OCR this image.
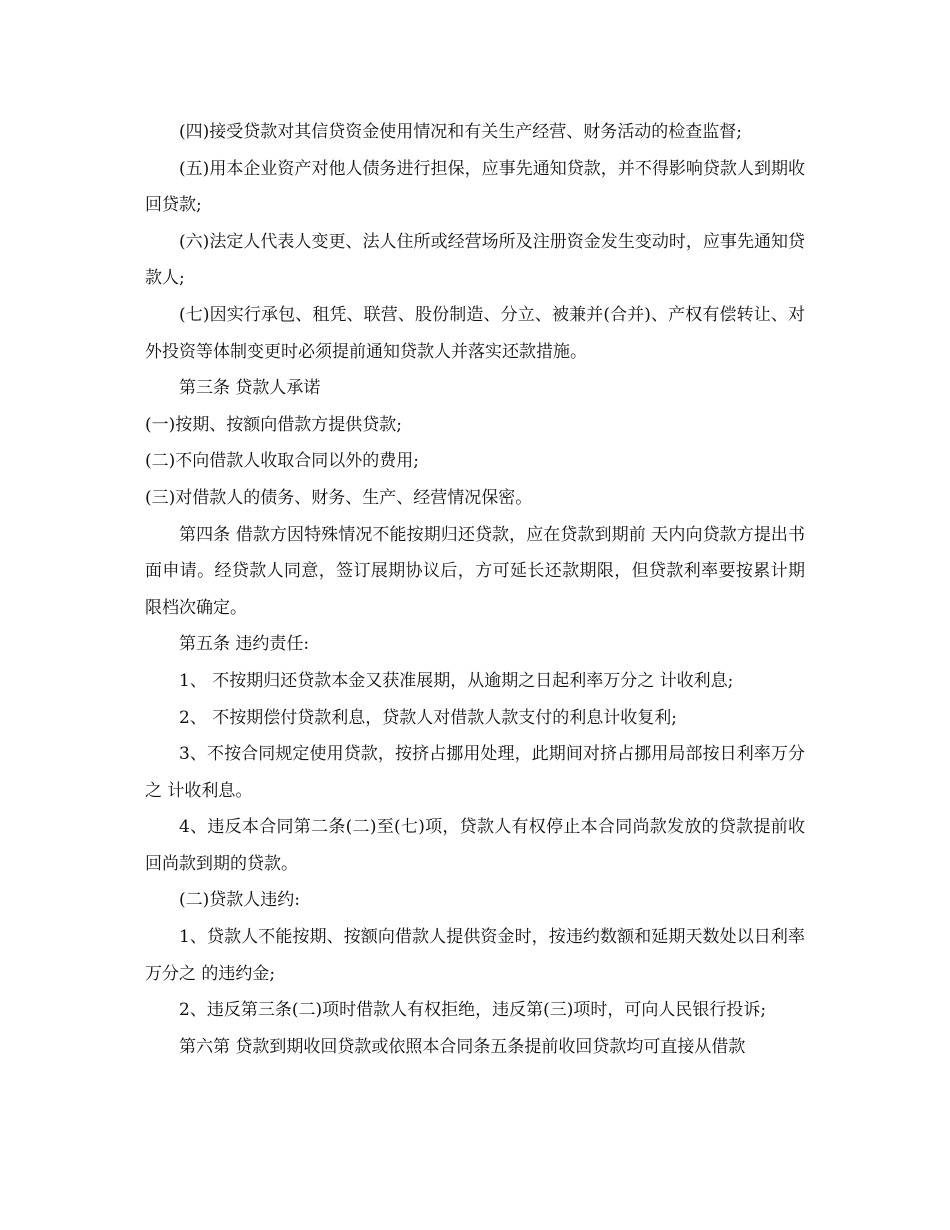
(四)接受贷款对其信贷资金使用情况和有关生产经营、财务活动的检查监督;

(五)用本企业资产对他人债务进行担保，应事先通知贷款，并不得影响贷款人到期收回贷款;

(六)法定人代表人变更、法人住所或经营场所及注册资金发生变动时，应事先通知贷款人;

(七)因实行承包、租凭、联营、股份制造、分立、被兼并(合并)、产权有偿转让、对外投资等体制变更时必须提前通知贷款人并落实还款措施。

第三条 贷款人承诺

(一)按期、按额向借款方提供贷款;

(二)不向借款人收取合同以外的费用;

(三)对借款人的债务、财务、生产、经营情况保密。

第四条 借款方因特殊情况不能按期归还贷款，应在贷款到期前 天内向贷款方提出书面申请。经贷款人同意，签订展期协议后，方可延长还款期限，但贷款利率要按累计期限档次确定。

第五条 违约责任:

1、 不按期归还贷款本金又获准展期，从逾期之日起利率万分之 计收利息;

2、 不按期偿付贷款利息，贷款人对借款人款支付的利息计收复利;

3、不按合同规定使用贷款，按挤占挪用处理，此期间对挤占挪用局部按日利率万分之 计收利息。

4、违反本合同第二条(二)至(七)项，贷款人有权停止本合同尚款发放的贷款提前收回尚款到期的贷款。

(二)贷款人违约:

1、贷款人不能按期、按额向借款人提供资金时，按违约数额和延期天数处以日利率万分之 的违约金;

2、违反第三条(二)项时借款人有权拒绝，违反第(三)项时，可向人民银行投诉;

第六第 贷款到期收回贷款或依照本合同条五条提前收回贷款均可直接从借款
